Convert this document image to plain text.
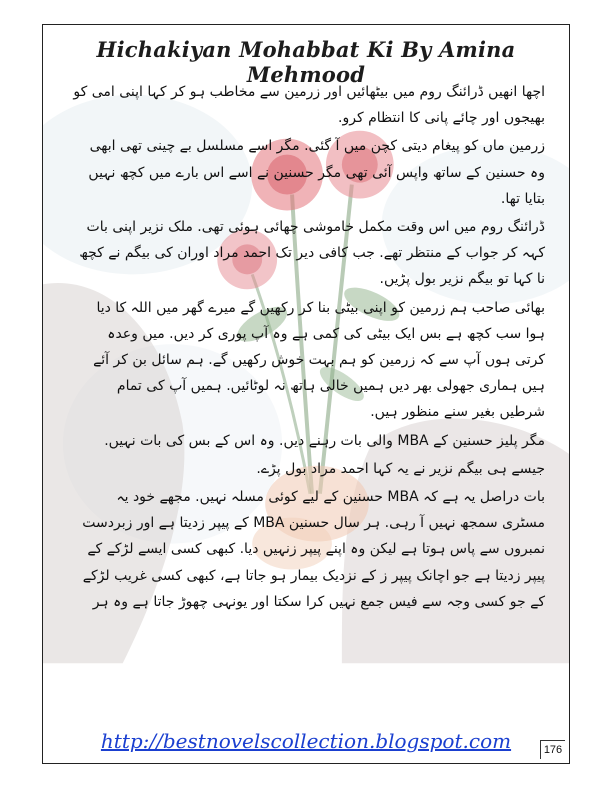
Hichakiyan Mohabbat Ki By Amina Mehmood

اچھا انھیں ڈرائنگ روم میں بیٹھائیں اور زرمین سے مخاطب ہو کر کہا اپنی امی کو بھیجوں اور چائے پانی کا انتظام کرو.

زرمین ماں کو پیغام دیتی کچن میں آ گئی. مگر اسے مسلسل بے چینی تھی ابھی وہ حسنین کے ساتھ واپس آئی تھی مگر حسنین نے اسے اس بارے میں کچھ نہیں بتایا تھا.

ڈرائنگ روم میں اس وقت مکمل خاموشی چھائی ہوئی تھی. ملک نزیر اپنی بات کہہ کر جواب کے منتظر تھے. جب کافی دیر تک احمد مراد اوران کی بیگم نے کچھ نا کہا تو بیگم نزیر بول پڑیں.

بھائی صاحب ہم زرمین کو اپنی بیٹی بنا کر رکھیں گے میرے گھر میں اللہ کا دیا ہوا سب کچھ ہے بس ایک بیٹی کی کمی ہے وہ آپ پوری کر دیں. میں وعدہ کرتی ہوں آپ سے کہ زرمین کو ہم بہت خوش رکھیں گے. ہم سائل بن کر آئے ہیں ہماری جھولی بھر دیں ہمیں خالی ہاتھ نہ لوٹائیں. ہمیں آپ کی تمام شرطیں بغیر سنے منظور ہیں.

مگر پلیز حسنین کے MBA والی بات رہنے دیں. وہ اس کے بس کی بات نہیں.

جیسے ہی بیگم نزیر نے یہ کہا احمد مراد بول پڑے.

بات دراصل یہ ہے کہ MBA حسنین کے لیے کوئی مسلہ نہیں. مجھے خود یہ مسٹری سمجھ نہیں آ رہی. ہر سال حسنین MBA کے پیپر زدیتا ہے اور زبردست نمبروں سے پاس ہوتا ہے لیکن وہ اپنے پیپر زنہیں دیا. کبھی کسی ایسے لڑکے کے پیپر زدیتا ہے جو اچانک پیپر ز کے نزدیک بیمار ہو جاتا ہے، کبھی کسی غریب لڑکے کے جو کسی وجہ سے فیس جمع نہیں کرا سکتا اور یونہی چھوڑ جاتا ہے وہ ہر

http://bestnovelscollection.blogspot.com	176
